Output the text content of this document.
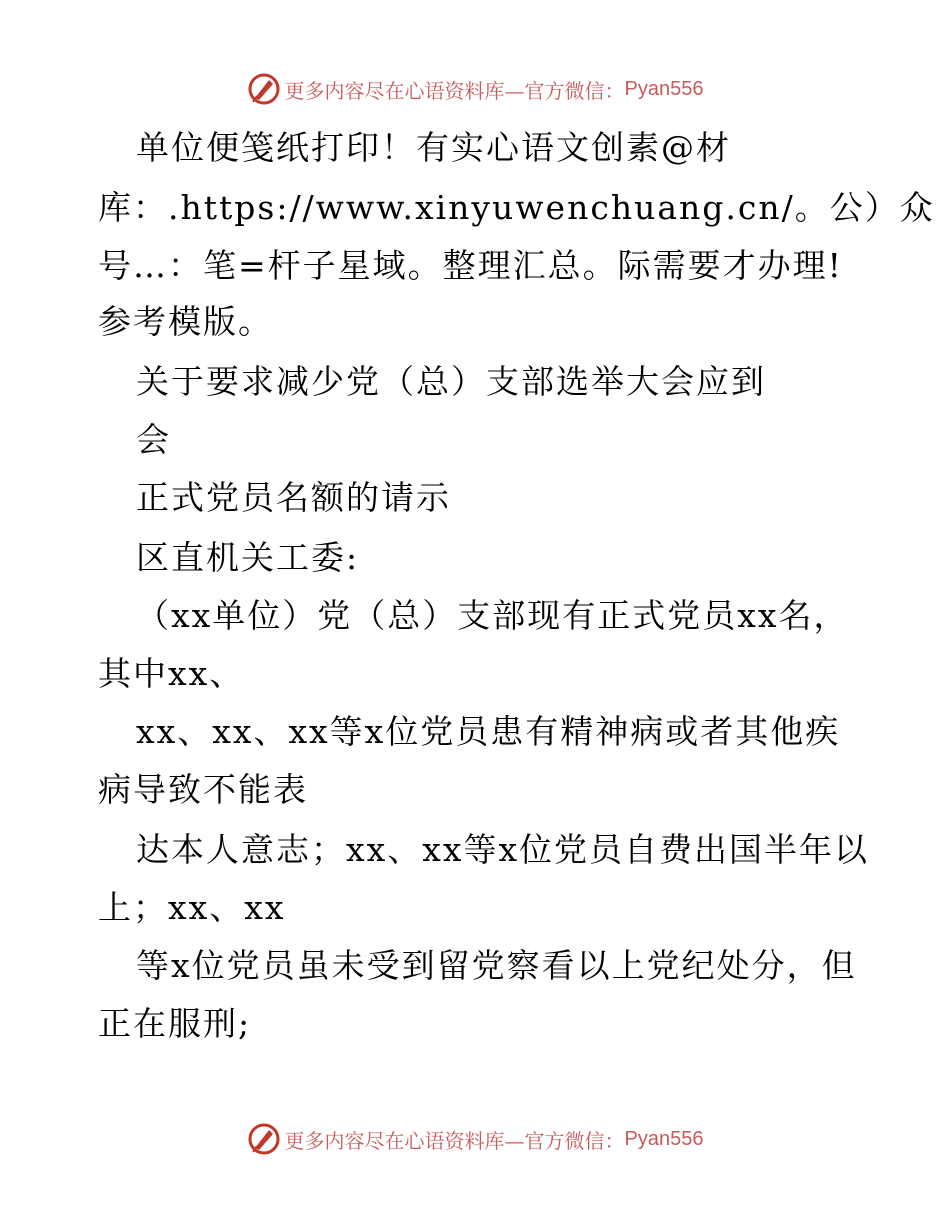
更多内容尽在心语资料库—官方微信： Pyan556
单位便笺纸打印！有实心语文创素@材
库：.https://www.xinyuwenchuang.cn/。公）众
号…：笔=杆子星域。整理汇总。际需要才办理!
参考模版。
关于要求减少党（总）支部选举大会应到
会
正式党员名额的请示
区直机关工委:
（xx单位）党（总）支部现有正式党员xx名，
其中xx、
xx、xx、xx等x位党员患有精神病或者其他疾
病导致不能表
达本人意志；xx、xx等x位党员自费出国半年以
上；xx、xx
等x位党员虽未受到留党察看以上党纪处分，但
正在服刑;
更多内容尽在心语资料库—官方微信： Pyan556
